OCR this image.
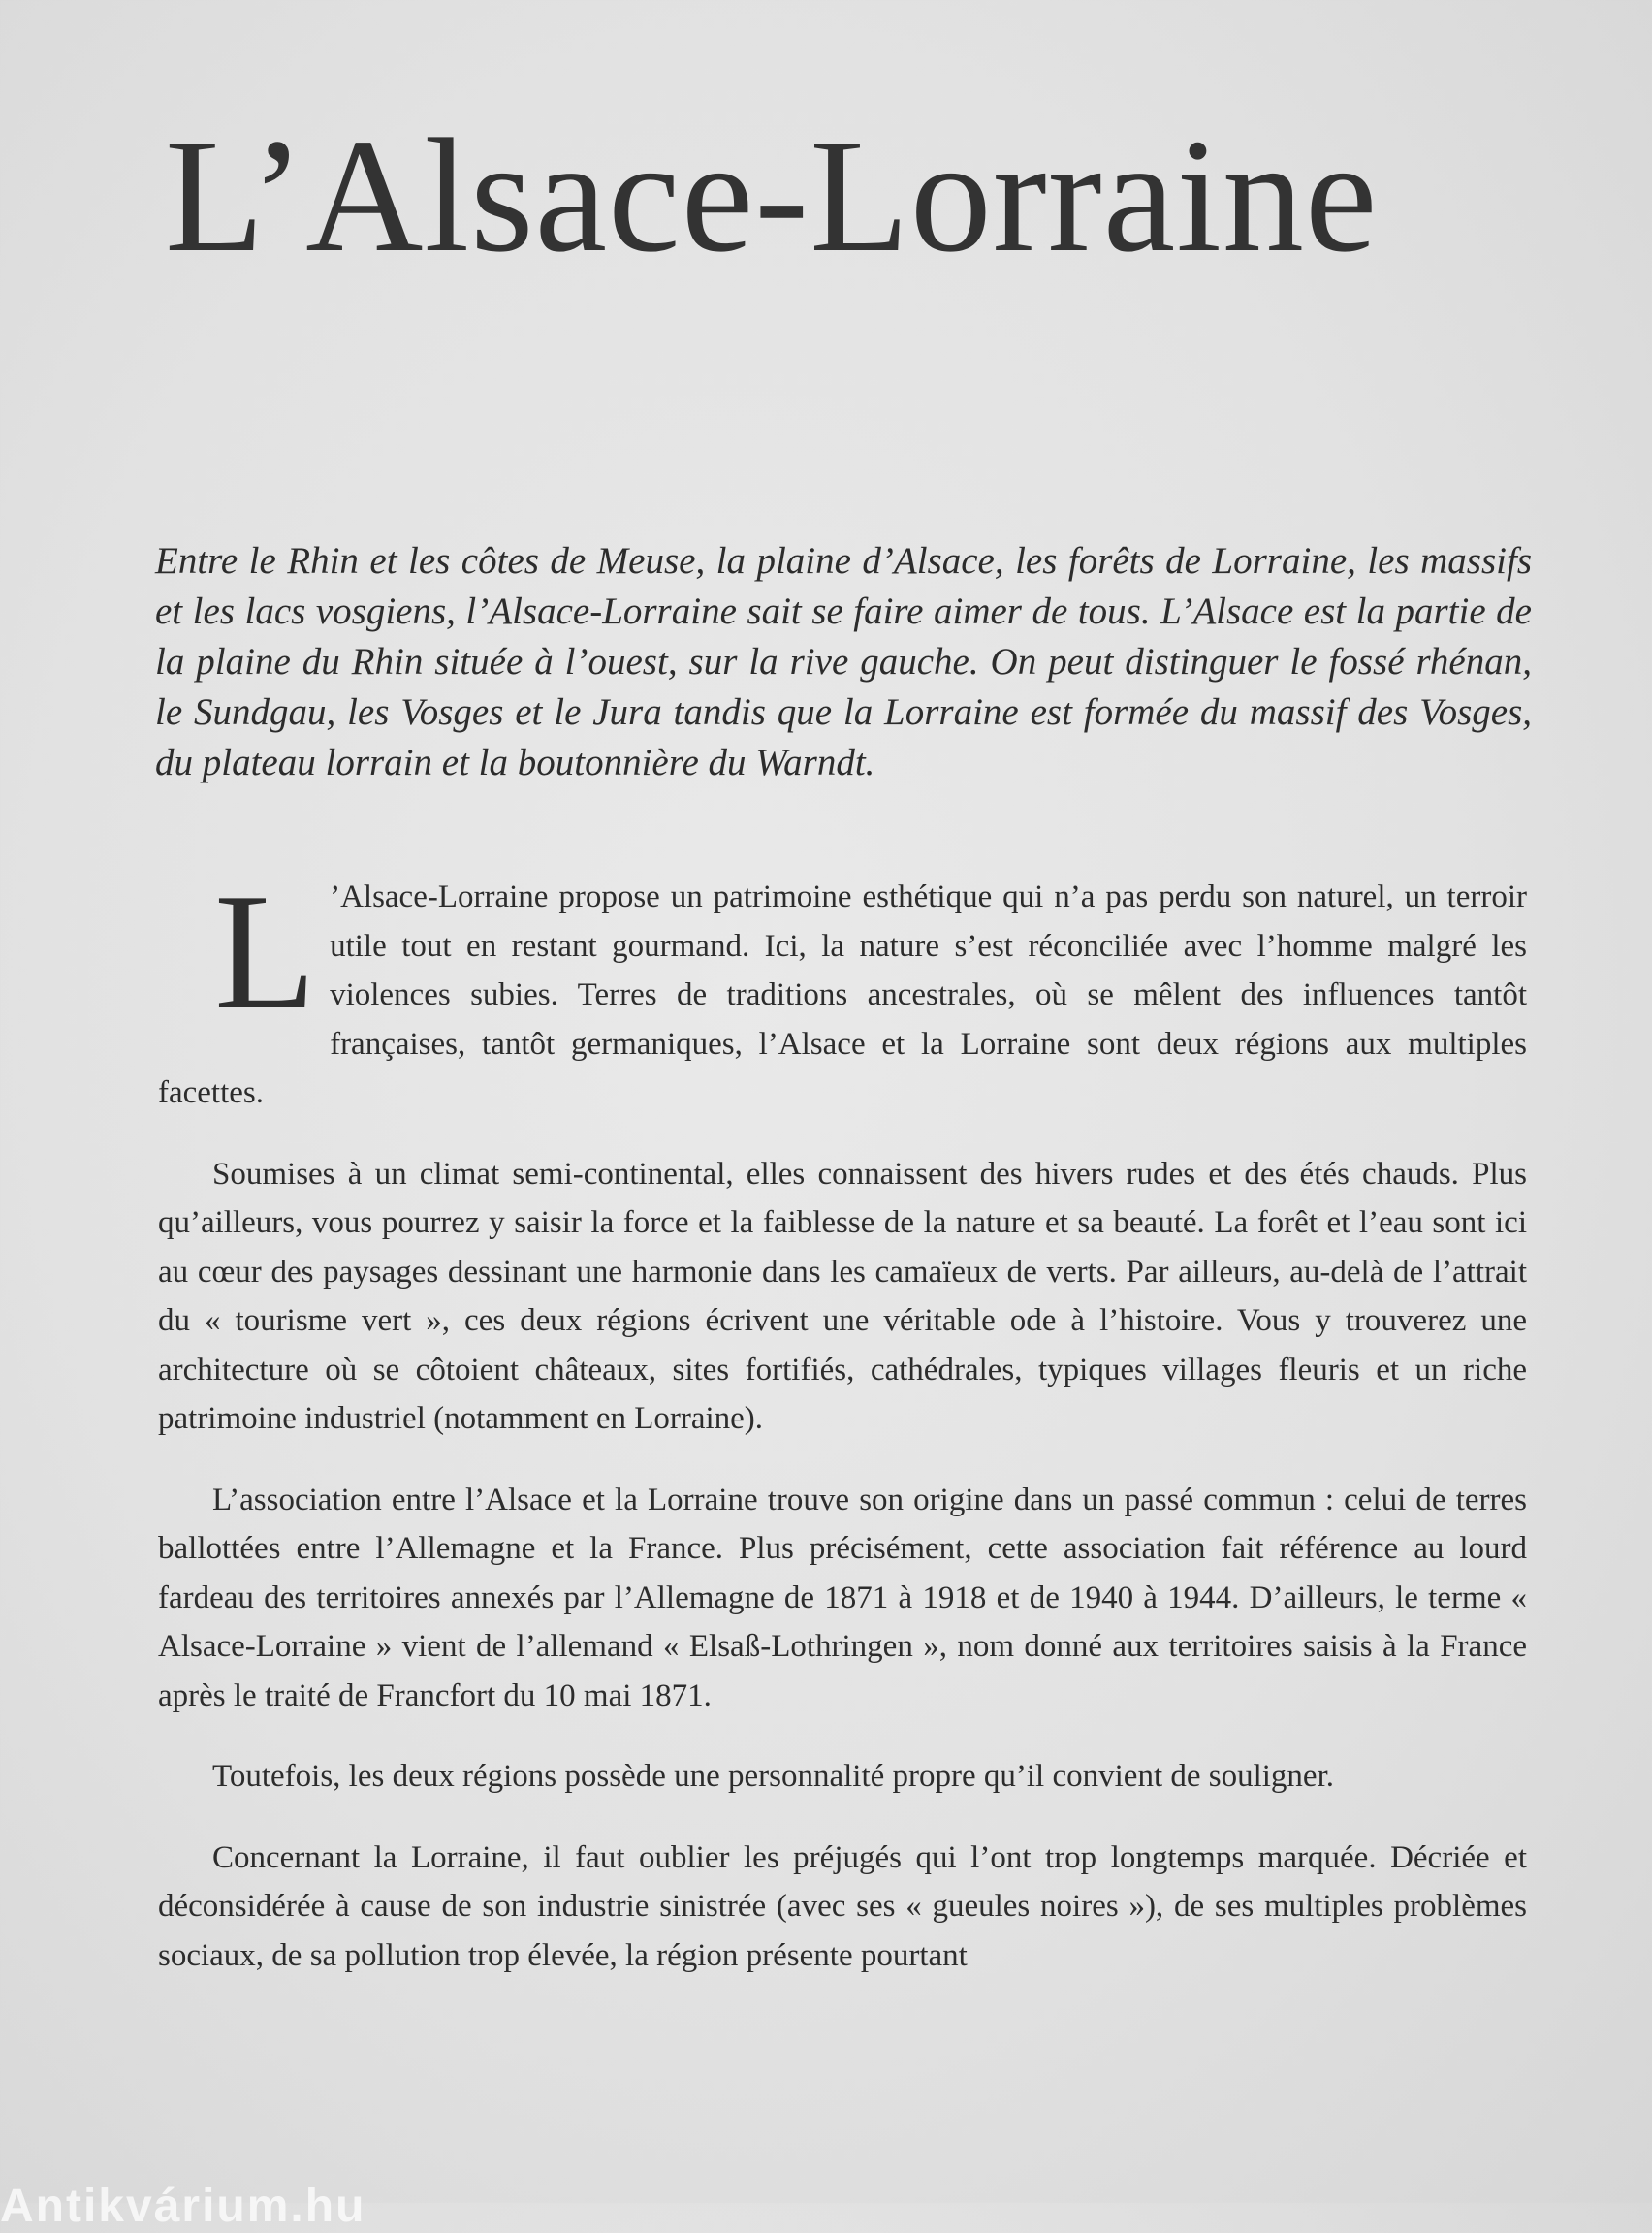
L’Alsace-Lorraine

Entre le Rhin et les côtes de Meuse, la plaine d’Alsace, les forêts de Lorraine, les massifs et les lacs vosgiens, l’Alsace-Lorraine sait se faire aimer de tous. L’Alsace est la partie de la plaine du Rhin située à l’ouest, sur la rive gauche. On peut distinguer le fossé rhénan, le Sundgau, les Vosges et le Jura tandis que la Lorraine est formée du massif des Vosges, du plateau lorrain et la boutonnière du Warndt.

L ’Alsace-Lorraine propose un patrimoine esthétique qui n’a pas perdu son naturel, un terroir utile tout en restant gourmand. Ici, la nature s’est réconciliée avec l’homme malgré les violences subies. Terres de traditions ancestrales, où se mêlent des influences tantôt françaises, tantôt germaniques, l’Alsace et la Lorraine sont deux régions aux multiples facettes.

Soumises à un climat semi-continental, elles connaissent des hivers rudes et des étés chauds. Plus qu’ailleurs, vous pourrez y saisir la force et la faiblesse de la nature et sa beauté. La forêt et l’eau sont ici au cœur des paysages dessinant une harmonie dans les camaïeux de verts. Par ailleurs, au-delà de l’attrait du « tourisme vert », ces deux régions écrivent une véritable ode à l’histoire. Vous y trouverez une architecture où se côtoient châteaux, sites fortifiés, cathédrales, typiques villages fleuris et un riche patrimoine industriel (notamment en Lorraine).

L’association entre l’Alsace et la Lorraine trouve son origine dans un passé commun : celui de terres ballottées entre l’Allemagne et la France. Plus précisément, cette association fait référence au lourd fardeau des territoires annexés par l’Allemagne de 1871 à 1918 et de 1940 à 1944. D’ailleurs, le terme « Alsace-Lorraine » vient de l’allemand « Elsaß-Lothringen », nom donné aux territoires saisis à la France après le traité de Francfort du 10 mai 1871.

Toutefois, les deux régions possède une personnalité propre qu’il convient de souligner.

Concernant la Lorraine, il faut oublier les préjugés qui l’ont trop longtemps marquée. Décriée et déconsidérée à cause de son industrie sinistrée (avec ses « gueules noires »), de ses multiples problèmes sociaux, de sa pollution trop élevée, la région présente pourtant

Antikvárium.hu
